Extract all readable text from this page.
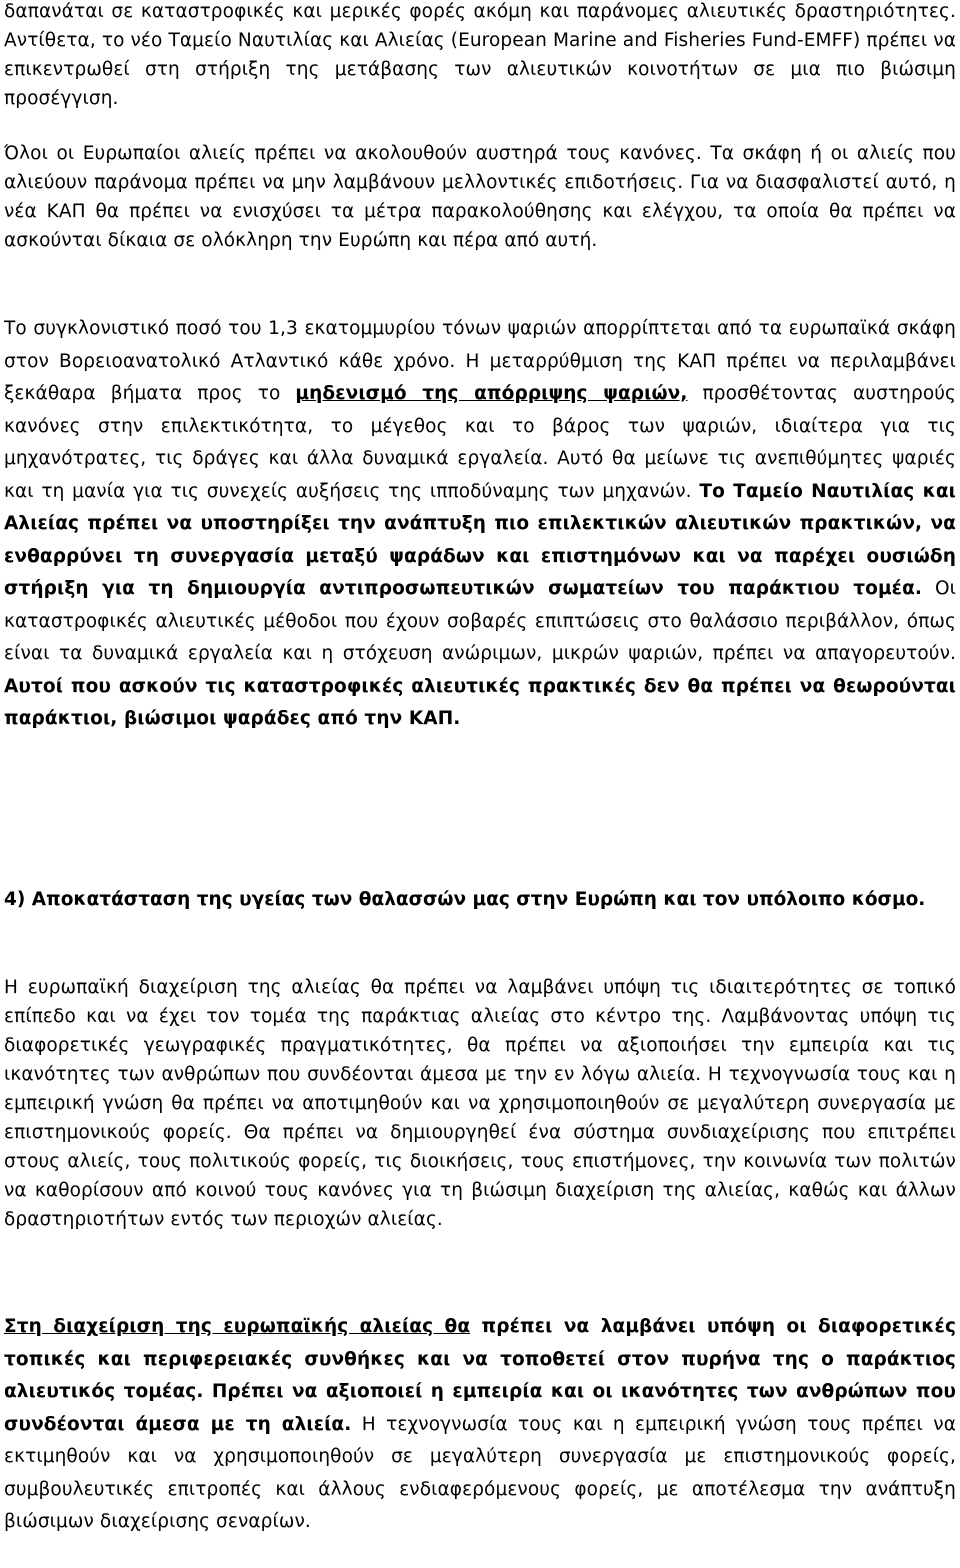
δαπανάται σε καταστροφικές και μερικές φορές ακόμη και παράνομες αλιευτικές δραστηριότητες. Αντίθετα, το νέο Ταμείο Ναυτιλίας και Αλιείας (European Marine and Fisheries Fund-EMFF) πρέπει να επικεντρωθεί στη στήριξη της μετάβασης των αλιευτικών κοινοτήτων σε μια πιο βιώσιμη προσέγγιση.

Όλοι οι Ευρωπαίοι αλιείς πρέπει να ακολουθούν αυστηρά τους κανόνες. Τα σκάφη ή οι αλιείς που αλιεύουν παράνομα πρέπει να μην λαμβάνουν μελλοντικές επιδοτήσεις. Για να διασφαλιστεί αυτό, η νέα ΚΑΠ θα πρέπει να ενισχύσει τα μέτρα παρακολούθησης και ελέγχου, τα οποία θα πρέπει να ασκούνται δίκαια σε ολόκληρη την Ευρώπη και πέρα από αυτή.

Το συγκλονιστικό ποσό του 1,3 εκατομμυρίου τόνων ψαριών απορρίπτεται από τα ευρωπαϊκά σκάφη στον Βορειοανατολικό Ατλαντικό κάθε χρόνο. Η μεταρρύθμιση της ΚΑΠ πρέπει να περιλαμβάνει ξεκάθαρα βήματα προς το μηδενισμό της απόρριψης ψαριών, προσθέτοντας αυστηρούς κανόνες στην επιλεκτικότητα, το μέγεθος και το βάρος των ψαριών, ιδιαίτερα για τις μηχανότρατες, τις δράγες και άλλα δυναμικά εργαλεία. Αυτό θα μείωνε τις ανεπιθύμητες ψαριές και τη μανία για τις συνεχείς αυξήσεις της ιπποδύναμης των μηχανών. Το Ταμείο Ναυτιλίας και Αλιείας πρέπει να υποστηρίξει την ανάπτυξη πιο επιλεκτικών αλιευτικών πρακτικών, να ενθαρρύνει τη συνεργασία μεταξύ ψαράδων και επιστημόνων και να παρέχει ουσιώδη στήριξη για τη δημιουργία αντιπροσωπευτικών σωματείων του παράκτιου τομέα. Οι καταστροφικές αλιευτικές μέθοδοι που έχουν σοβαρές επιπτώσεις στο θαλάσσιο περιβάλλον, όπως είναι τα δυναμικά εργαλεία και η στόχευση ανώριμων, μικρών ψαριών, πρέπει να απαγορευτούν. Αυτοί που ασκούν τις καταστροφικές αλιευτικές πρακτικές δεν θα πρέπει να θεωρούνται παράκτιοι, βιώσιμοι ψαράδες από την ΚΑΠ.

4) Αποκατάσταση της υγείας των θαλασσών μας στην Ευρώπη και τον υπόλοιπο κόσμο.

Η ευρωπαϊκή διαχείριση της αλιείας θα πρέπει να λαμβάνει υπόψη τις ιδιαιτερότητες σε τοπικό επίπεδο και να έχει τον τομέα της παράκτιας αλιείας στο κέντρο της. Λαμβάνοντας υπόψη τις διαφορετικές γεωγραφικές πραγματικότητες, θα πρέπει να αξιοποιήσει την εμπειρία και τις ικανότητες των ανθρώπων που συνδέονται άμεσα με την εν λόγω αλιεία. Η τεχνογνωσία τους και η εμπειρική γνώση θα πρέπει να αποτιμηθούν και να χρησιμοποιηθούν σε μεγαλύτερη συνεργασία με επιστημονικούς φορείς. Θα πρέπει να δημιουργηθεί ένα σύστημα συνδιαχείρισης που επιτρέπει στους αλιείς, τους πολιτικούς φορείς, τις διοικήσεις, τους επιστήμονες, την κοινωνία των πολιτών να καθορίσουν από κοινού τους κανόνες για τη βιώσιμη διαχείριση της αλιείας, καθώς και άλλων δραστηριοτήτων εντός των περιοχών αλιείας.

Στη διαχείριση της ευρωπαϊκής αλιείας θα πρέπει να λαμβάνει υπόψη οι διαφορετικές τοπικές και περιφερειακές συνθήκες και να τοποθετεί στον πυρήνα της ο παράκτιος αλιευτικός τομέας. Πρέπει να αξιοποιεί η εμπειρία και οι ικανότητες των ανθρώπων που συνδέονται άμεσα με τη αλιεία. Η τεχνογνωσία τους και η εμπειρική γνώση τους πρέπει να εκτιμηθούν και να χρησιμοποιηθούν σε μεγαλύτερη συνεργασία με επιστημονικούς φορείς, συμβουλευτικές επιτροπές και άλλους ενδιαφερόμενους φορείς, με αποτέλεσμα την ανάπτυξη βιώσιμων διαχείρισης σεναρίων.
